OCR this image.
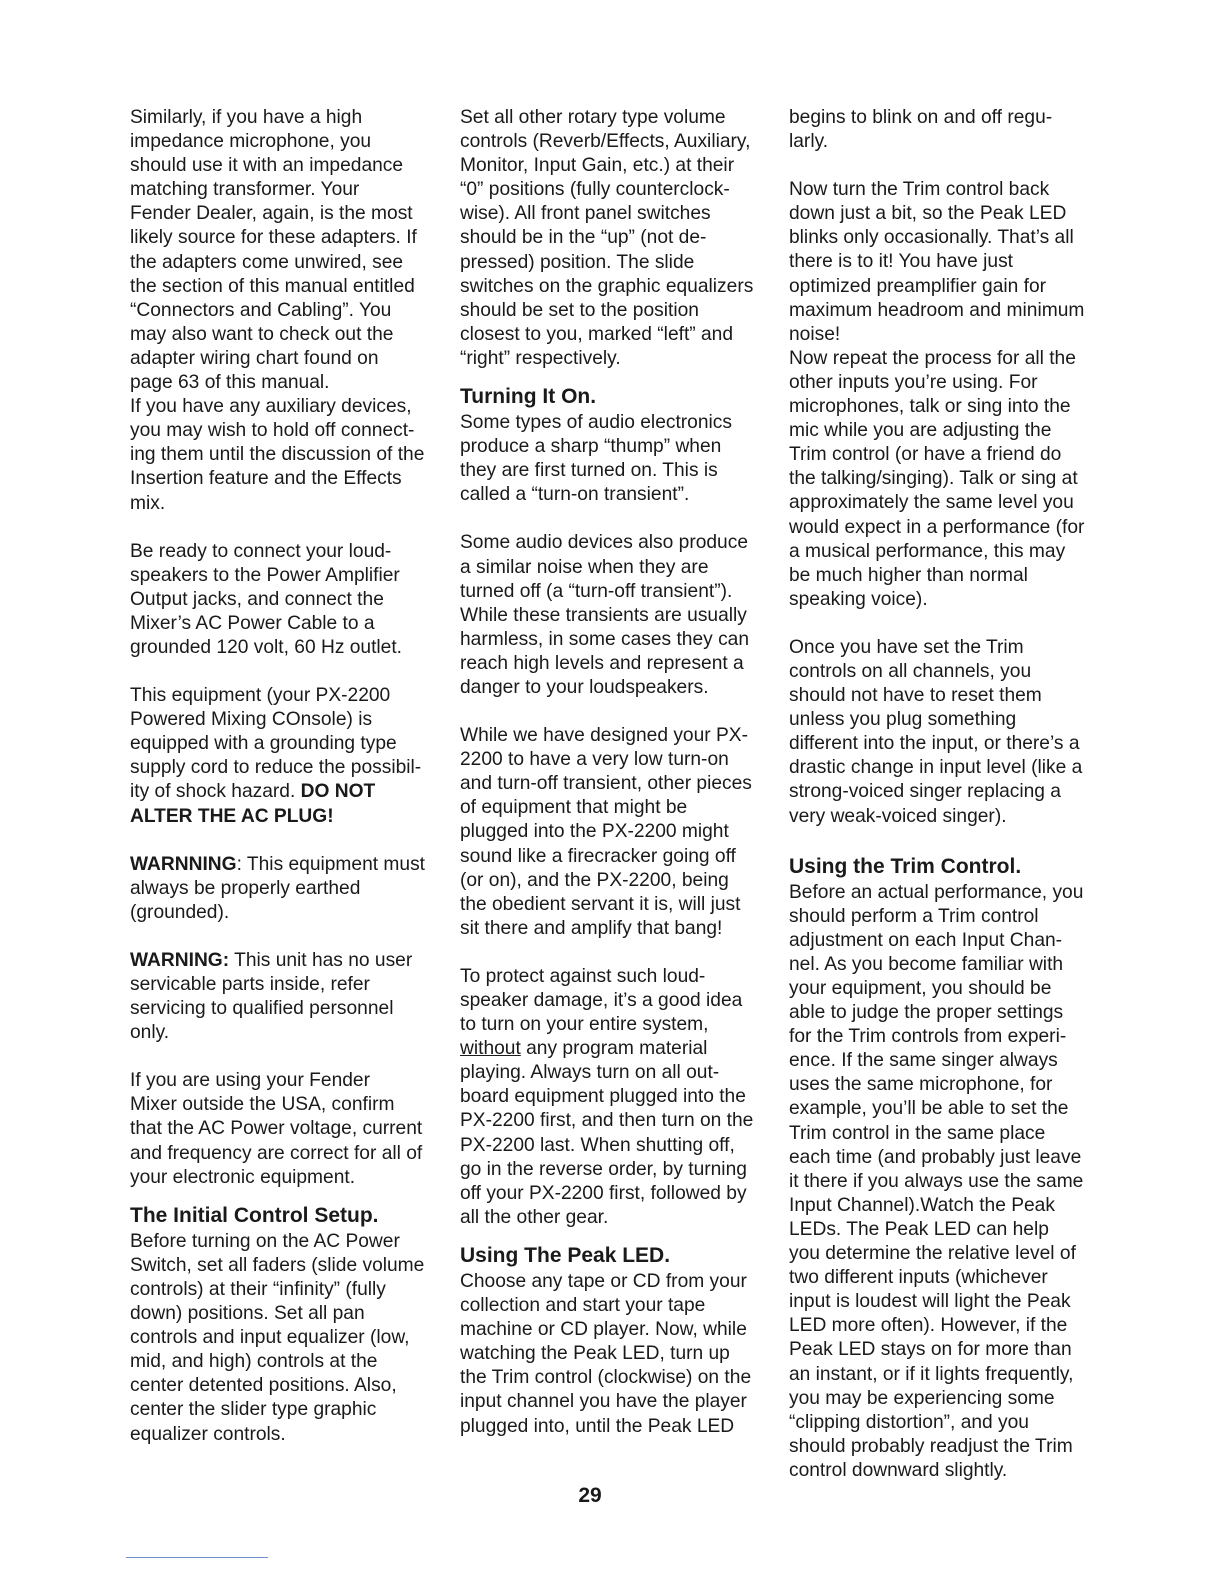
Similarly, if you have a high
impedance microphone, you
should use it with an impedance
matching transformer. Your
Fender Dealer, again, is the most
likely source for these adapters. If
the adapters come unwired, see
the section of this manual entitled
“Connectors and Cabling”. You
may also want to check out the
adapter wiring chart found on
page 63 of this manual.

If you have any auxiliary devices,
you may wish to hold off connect-
ing them until the discussion of the
Insertion feature and the Effects
mix.

Be ready to connect your loud-
speakers to the Power Amplifier
Output jacks, and connect the
Mixer’s AC Power Cable to a
grounded 120 volt, 60 Hz outlet.

This equipment (your PX-2200
Powered Mixing COnsole) is
equipped with a grounding type
supply cord to reduce the possibil-
ity of shock hazard. DO NOT
ALTER THE AC PLUG!

WARNNING: This equipment must
always be properly earthed
(grounded).

WARNING: This unit has no user
servicable parts inside, refer
servicing to qualified personnel
only.

If you are using your Fender
Mixer outside the USA, confirm
that the AC Power voltage, current
and frequency are correct for all of
your electronic equipment.

The Initial Control Setup.

Before turning on the AC Power
Switch, set all faders (slide volume
controls) at their “infinity” (fully
down) positions. Set all pan
controls and input equalizer (low,
mid, and high) controls at the
center detented positions. Also,
center the slider type graphic
equalizer controls.

Set all other rotary type volume
controls (Reverb/Effects, Auxiliary,
Monitor, Input Gain, etc.) at their
“0” positions (fully counterclock-
wise). All front panel switches
should be in the “up” (not de-
pressed) position. The slide
switches on the graphic equalizers
should be set to the position
closest to you, marked “left” and
“right” respectively.

Turning It On.

Some types of audio electronics
produce a sharp “thump” when
they are first turned on. This is
called a “turn-on transient”.

Some audio devices also produce
a similar noise when they are
turned off (a “turn-off transient”).
While these transients are usually
harmless, in some cases they can
reach high levels and represent a
danger to your loudspeakers.

While we have designed your PX-
2200 to have a very low turn-on
and turn-off transient, other pieces
of equipment that might be
plugged into the PX-2200 might
sound like a firecracker going off
(or on), and the PX-2200, being
the obedient servant it is, will just
sit there and amplify that bang!

To protect against such loud-
speaker damage, it’s a good idea
to turn on your entire system,
without any program material
playing. Always turn on all out-
board equipment plugged into the
PX-2200 first, and then turn on the
PX-2200 last. When shutting off,
go in the reverse order, by turning
off your PX-2200 first, followed by
all the other gear.

Using The Peak LED.

Choose any tape or CD from your
collection and start your tape
machine or CD player. Now, while
watching the Peak LED, turn up
the Trim control (clockwise) on the
input channel you have the player
plugged into, until the Peak LED

begins to blink on and off regu-
larly.

Now turn the Trim control back
down just a bit, so the Peak LED
blinks only occasionally. That’s all
there is to it! You have just
optimized preamplifier gain for
maximum headroom and minimum
noise!

Now repeat the process for all the
other inputs you’re using. For
microphones, talk or sing into the
mic while you are adjusting the
Trim control (or have a friend do
the talking/singing). Talk or sing at
approximately the same level you
would expect in a performance (for
a musical performance, this may
be much higher than normal
speaking voice).

Once you have set the Trim
controls on all channels, you
should not have to reset them
unless you plug something
different into the input, or there’s a
drastic change in input level (like a
strong-voiced singer replacing a
very weak-voiced singer).

Using the Trim Control.

Before an actual performance, you
should perform a Trim control
adjustment on each Input Chan-
nel. As you become familiar with
your equipment, you should be
able to judge the proper settings
for the Trim controls from experi-
ence. If the same singer always
uses the same microphone, for
example, you’ll be able to set the
Trim control in the same place
each time (and probably just leave
it there if you always use the same
Input Channel).Watch the Peak
LEDs. The Peak LED can help
you determine the relative level of
two different inputs (whichever
input is loudest will light the Peak
LED more often). However, if the
Peak LED stays on for more than
an instant, or if it lights frequently,
you may be experiencing some
“clipping distortion”, and you
should probably readjust the Trim
control downward slightly.

29
